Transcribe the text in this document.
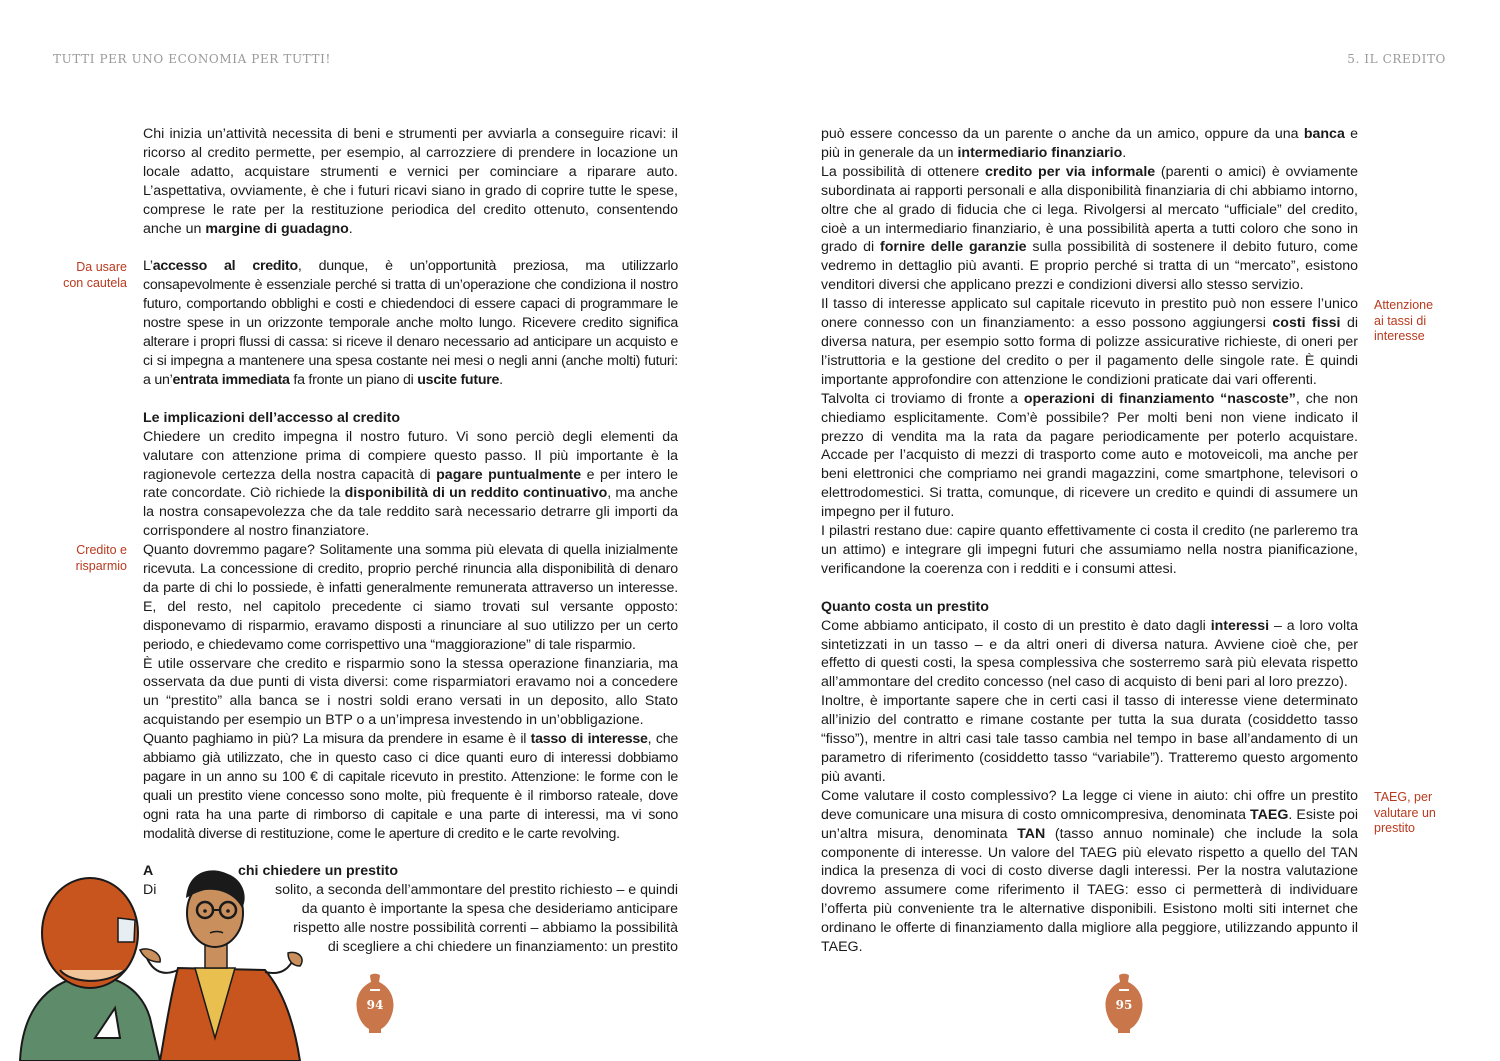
TUTTI PER UNO ECONOMIA PER TUTTI!	5. IL CREDITO
Da usare
con cautela
Credito e
risparmio
Attenzione
ai tassi di
interesse
TAEG, per
valutare un
prestito

Chi inizia un’attività necessita di beni e strumenti per avviarla a conseguire ricavi: il ricorso al credito permette, per esempio, al carrozziere di prendere in locazione un locale adatto, acquistare strumenti e vernici per cominciare a riparare auto. L’aspettativa, ovviamente, è che i futuri ricavi siano in grado di coprire tutte le spese, comprese le rate per la restituzione periodica del credito ottenuto, consentendo anche un margine di guadagno.

L’accesso al credito, dunque, è un’opportunità preziosa, ma utilizzarlo consapevolmente è essenziale perché si tratta di un’operazione che condiziona il nostro futuro, comportando obblighi e costi e chiedendoci di essere capaci di programmare le nostre spese in un orizzonte temporale anche molto lungo. Ricevere credito significa alterare i propri flussi di cassa: si riceve il denaro necessario ad anticipare un acquisto e ci si impegna a mantenere una spesa costante nei mesi o negli anni (anche molti) futuri: a un’entrata immediata fa fronte un piano di uscite future.

Le implicazioni dell’accesso al credito

Chiedere un credito impegna il nostro futuro. Vi sono perciò degli elementi da valutare con attenzione prima di compiere questo passo. Il più importante è la ragionevole certezza della nostra capacità di pagare puntualmente e per intero le rate concordate. Ciò richiede la disponibilità di un reddito continuativo, ma anche la nostra consapevolezza che da tale reddito sarà necessario detrarre gli importi da corrispondere al nostro finanziatore.

Quanto dovremmo pagare? Solitamente una somma più elevata di quella inizialmente ricevuta. La concessione di credito, proprio perché rinuncia alla disponibilità di denaro da parte di chi lo possiede, è infatti generalmente remunerata attraverso un interesse. E, del resto, nel capitolo precedente ci siamo trovati sul versante opposto: disponevamo di risparmio, eravamo disposti a rinunciare al suo utilizzo per un certo periodo, e chiedevamo come corrispettivo una “maggiorazione” di tale risparmio.

È utile osservare che credito e risparmio sono la stessa operazione finanziaria, ma osservata da due punti di vista diversi: come risparmiatori eravamo noi a concedere un “prestito” alla banca se i nostri soldi erano versati in un deposito, allo Stato acquistando per esempio un BTP o a un’impresa investendo in un’obbligazione.

Quanto paghiamo in più? La misura da prendere in esame è il tasso di interesse, che abbiamo già utilizzato, che in questo caso ci dice quanti euro di interessi dobbiamo pagare in un anno su 100 € di capitale ricevuto in prestito. Attenzione: le forme con le quali un prestito viene concesso sono molte, più frequente è il rimborso rateale, dove ogni rata ha una parte di rimborso di capitale e una parte di interessi, ma vi sono modalità diverse di restituzione, come le aperture di credito e le carte revolving.

A	chi chiedere un prestito
Di	solito, a seconda dell’ammontare del prestito richiesto – e quindi
da quanto è importante la spesa che desideriamo anticipare
rispetto alle nostre possibilità correnti – abbiamo la possibilità
di scegliere a chi chiedere un finanziamento: un prestito

può essere concesso da un parente o anche da un amico, oppure da una banca e più in generale da un intermediario finanziario.

La possibilità di ottenere credito per via informale (parenti o amici) è ovviamente subordinata ai rapporti personali e alla disponibilità finanziaria di chi abbiamo intorno, oltre che al grado di fiducia che ci lega. Rivolgersi al mercato “ufficiale” del credito, cioè a un intermediario finanziario, è una possibilità aperta a tutti coloro che sono in grado di fornire delle garanzie sulla possibilità di sostenere il debito futuro, come vedremo in dettaglio più avanti. E proprio perché si tratta di un “mercato”, esistono venditori diversi che applicano prezzi e condizioni diversi allo stesso servizio.

Il tasso di interesse applicato sul capitale ricevuto in prestito può non essere l’unico onere connesso con un finanziamento: a esso possono aggiungersi costi fissi di diversa natura, per esempio sotto forma di polizze assicurative richieste, di oneri per l’istruttoria e la gestione del credito o per il pagamento delle singole rate. È quindi importante approfondire con attenzione le condizioni praticate dai vari offerenti.

Talvolta ci troviamo di fronte a operazioni di finanziamento “nascoste”, che non chiediamo esplicitamente. Com’è possibile? Per molti beni non viene indicato il prezzo di vendita ma la rata da pagare periodicamente per poterlo acquistare. Accade per l’acquisto di mezzi di trasporto come auto e motoveicoli, ma anche per beni elettronici che compriamo nei grandi magazzini, come smartphone, televisori o elettrodomestici. Si tratta, comunque, di ricevere un credito e quindi di assumere un impegno per il futuro.

I pilastri restano due: capire quanto effettivamente ci costa il credito (ne parleremo tra un attimo) e integrare gli impegni futuri che assumiamo nella nostra pianificazione, verificandone la coerenza con i redditi e i consumi attesi.

Quanto costa un prestito

Come abbiamo anticipato, il costo di un prestito è dato dagli interessi – a loro volta sintetizzati in un tasso – e da altri oneri di diversa natura. Avviene cioè che, per effetto di questi costi, la spesa complessiva che sosterremo sarà più elevata rispetto all’ammontare del credito concesso (nel caso di acquisto di beni pari al loro prezzo).

Inoltre, è importante sapere che in certi casi il tasso di interesse viene determinato all’inizio del contratto e rimane costante per tutta la sua durata (cosiddetto tasso “fisso”), mentre in altri casi tale tasso cambia nel tempo in base all’andamento di un parametro di riferimento (cosiddetto tasso “variabile”). Tratteremo questo argomento più avanti.

Come valutare il costo complessivo? La legge ci viene in aiuto: chi offre un prestito deve comunicare una misura di costo omnicompresiva, denominata TAEG. Esiste poi un’altra misura, denominata TAN (tasso annuo nominale) che include la sola componente di interesse. Un valore del TAEG più elevato rispetto a quello del TAN indica la presenza di voci di costo diverse dagli interessi. Per la nostra valutazione dovremo assumere come riferimento il TAEG: esso ci permetterà di individuare l’offerta più conveniente tra le alternative disponibili. Esistono molti siti internet che ordinano le offerte di finanziamento dalla migliore alla peggiore, utilizzando appunto il TAEG.

94	95
